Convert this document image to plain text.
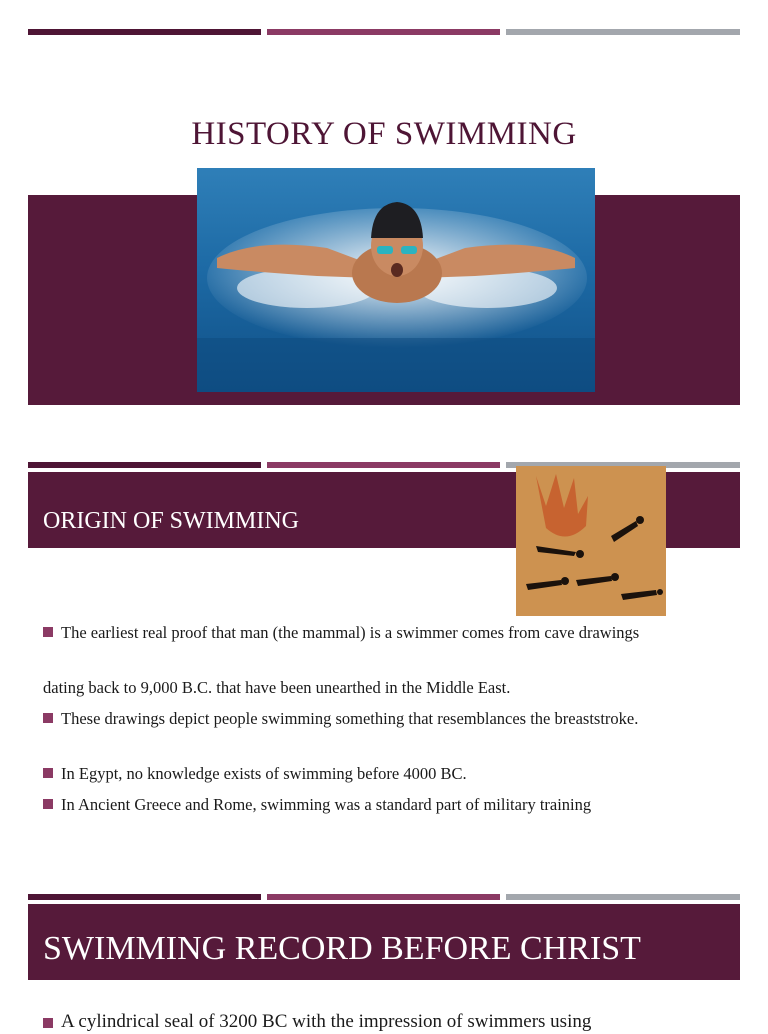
HISTORY OF SWIMMING
ORIGIN OF SWIMMING
The earliest real proof that man (the mammal) is a swimmer comes from cave drawings
dating back to 9,000 B.C. that have been unearthed in the Middle East.
These drawings depict people swimming something that resemblances the breaststroke.
In Egypt, no knowledge exists of swimming before 4000 BC.
In Ancient Greece and Rome, swimming was a standard part of military training
SWIMMING RECORD BEFORE CHRIST
A cylindrical seal of 3200 BC with the impression of swimmers using
